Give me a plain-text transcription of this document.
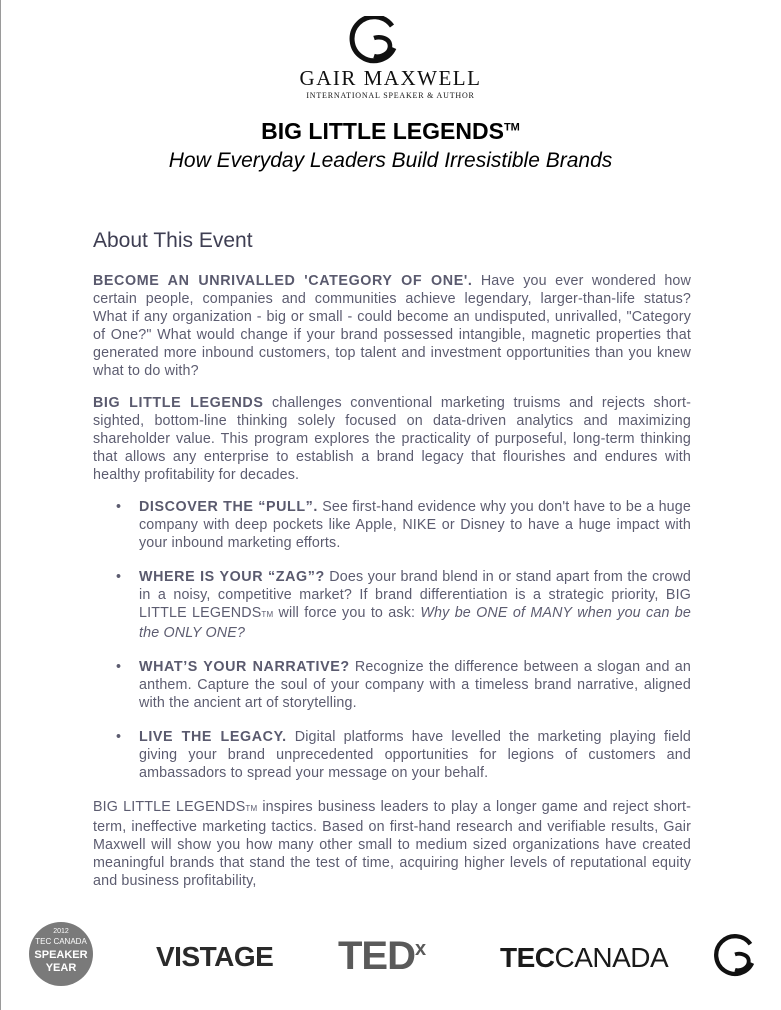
GAIR MAXWELL
INTERNATIONAL SPEAKER & AUTHOR
BIG LITTLE LEGENDS™
How Everyday Leaders Build Irresistible Brands
About This Event

BECOME AN UNRIVALLED 'CATEGORY OF ONE'. Have you ever wondered how certain people, companies and communities achieve legendary, larger-than-life status? What if any organization - big or small - could become an undisputed, unrivalled, "Category of One?" What would change if your brand possessed intangible, magnetic properties that generated more inbound customers, top talent and investment opportunities than you knew what to do with?

BIG LITTLE LEGENDS challenges conventional marketing truisms and rejects short-sighted, bottom-line thinking solely focused on data-driven analytics and maximizing shareholder value. This program explores the practicality of purposeful, long-term thinking that allows any enterprise to establish a brand legacy that flourishes and endures with healthy profitability for decades.

• DISCOVER THE “PULL”. See first-hand evidence why you don't have to be a huge company with deep pockets like Apple, NIKE or Disney to have a huge impact with your inbound marketing efforts.
• WHERE IS YOUR “ZAG”? Does your brand blend in or stand apart from the crowd in a noisy, competitive market? If brand differentiation is a strategic priority, BIG LITTLE LEGENDSTM will force you to ask: Why be ONE of MANY when you can be the ONLY ONE?
• WHAT’S YOUR NARRATIVE? Recognize the difference between a slogan and an anthem. Capture the soul of your company with a timeless brand narrative, aligned with the ancient art of storytelling.
• LIVE THE LEGACY. Digital platforms have levelled the marketing playing field giving your brand unprecedented opportunities for legions of customers and ambassadors to spread your message on your behalf.

BIG LITTLE LEGENDSTM inspires business leaders to play a longer game and reject short-term, ineffective marketing tactics. Based on first-hand research and verifiable results, Gair Maxwell will show you how many other small to medium sized organizations have created meaningful brands that stand the test of time, acquiring higher levels of reputational equity and business profitability,

2012
TEC CANADA
SPEAKER
YEAR	VISTAGE TED$^x$	TECCANADA
